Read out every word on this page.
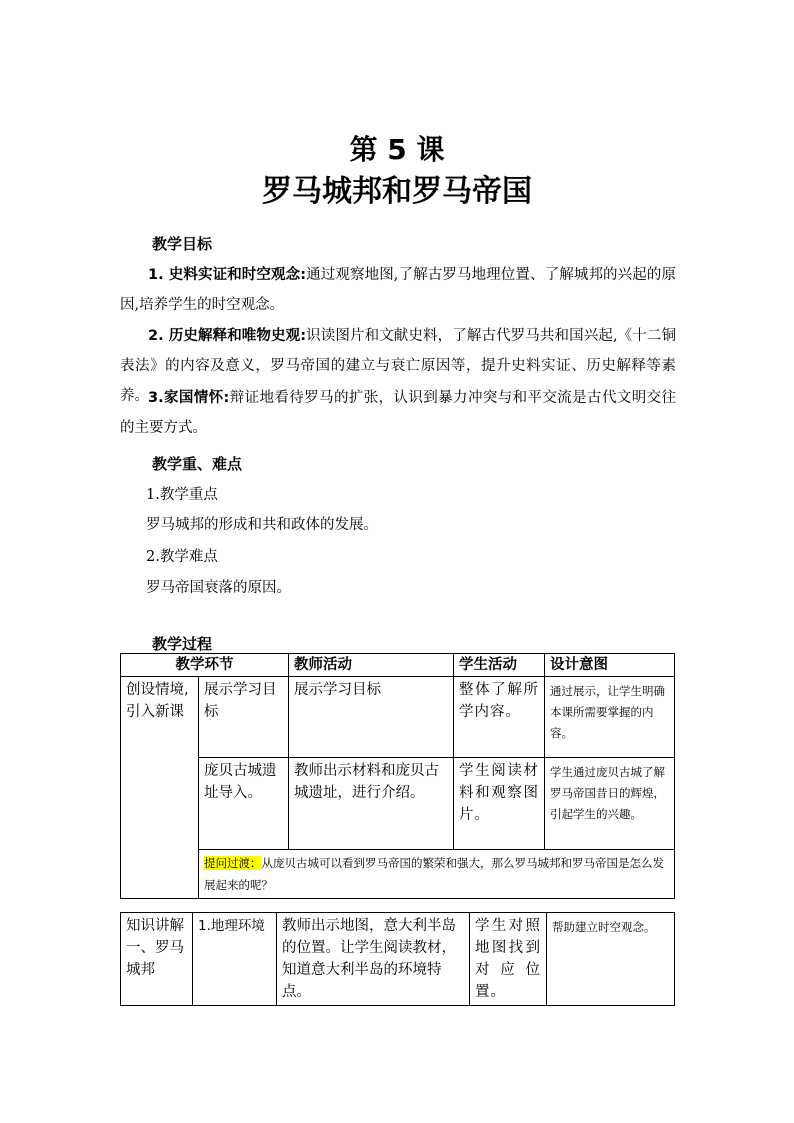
第 5 课
罗马城邦和罗马帝国
教学目标
1. 史料实证和时空观念:通过观察地图,了解古罗马地理位置、了解城邦的兴起的原因,培养学生的时空观念。
2. 历史解释和唯物史观:识读图片和文献史料，了解古代罗马共和国兴起,《十二铜表法》的内容及意义，罗马帝国的建立与衰亡原因等，提升史料实证、历史解释等素养。 3.家国情怀:辩证地看待罗马的扩张，认识到暴力冲突与和平交流是古代文明交往的主要方式。
教学重、难点
1.教学重点
罗马城邦的形成和共和政体的发展。
2.教学难点
罗马帝国衰落的原因。
教学过程
教学环节		教师活动	学生活动	设计意图
创设情境,引入新课	展示学习目标	展示学习目标	整体了解所学内容。	通过展示，让学生明确本课所需要掌握的内容。
	庞贝古城遗址导入。	教师出示材料和庞贝古城遗址，进行介绍。	学生阅读材料和观察图片。	学生通过庞贝古城了解罗马帝国昔日的辉煌，引起学生的兴趣。
	提问过渡：从庞贝古城可以看到罗马帝国的繁荣和强大，那么罗马城邦和罗马帝国是怎么发展起来的呢？			
知识讲解一、罗马城邦	1.地理环境	教师出示地图，意大利半岛的位置。让学生阅读教材，知道意大利半岛的环境特点。	学生对照地图找到对应位置。	帮助建立时空观念。
